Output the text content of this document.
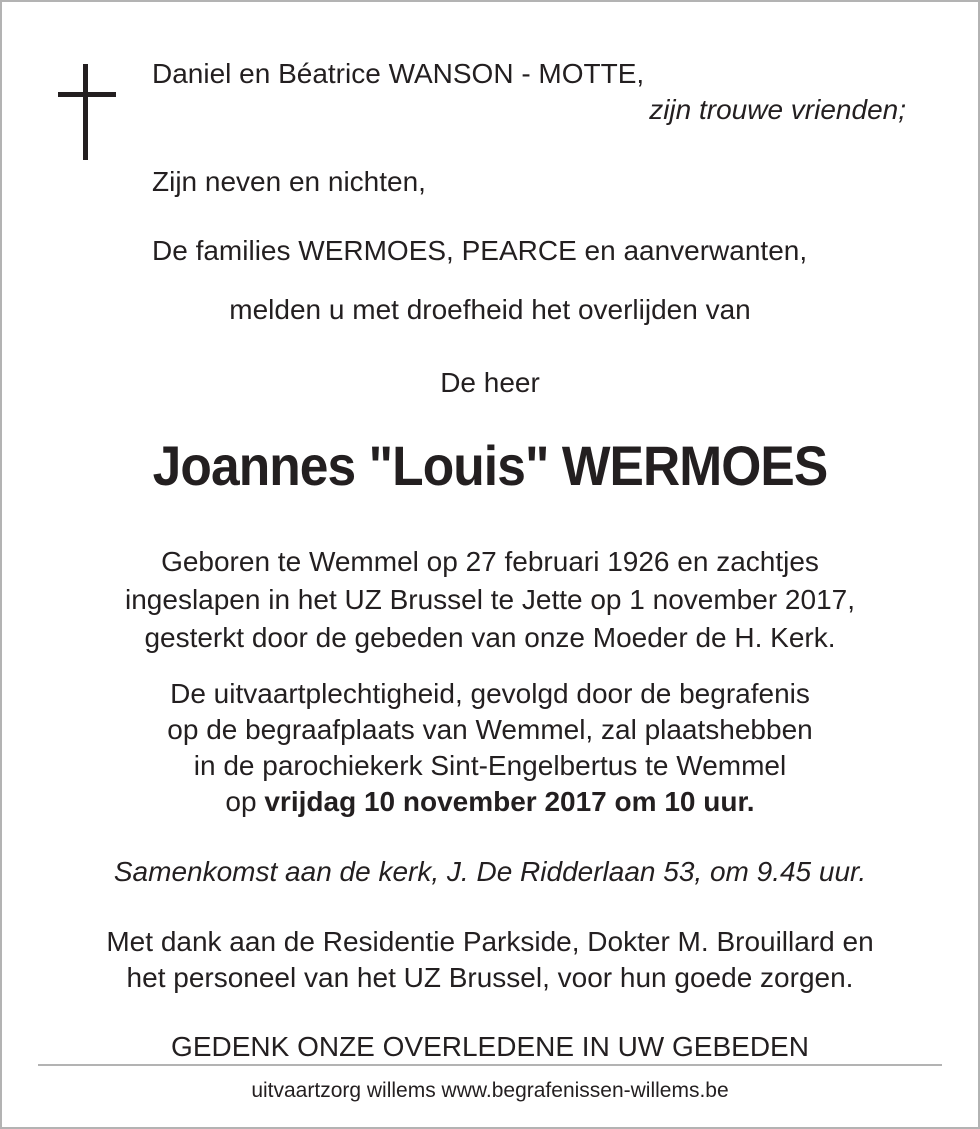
Daniel en Béatrice WANSON - MOTTE,
zijn trouwe vrienden;
Zijn neven en nichten,
De families WERMOES, PEARCE en aanverwanten,
melden u met droefheid het overlijden van
De heer
Joannes "Louis" WERMOES
Geboren te Wemmel op 27 februari 1926 en zachtjes
ingeslapen in het UZ Brussel te Jette op 1 november 2017,
gesterkt door de gebeden van onze Moeder de H. Kerk.
De uitvaartplechtigheid, gevolgd door de begrafenis
op de begraafplaats van Wemmel, zal plaatshebben
in de parochiekerk Sint-Engelbertus te Wemmel
op vrijdag 10 november 2017 om 10 uur.
Samenkomst aan de kerk, J. De Ridderlaan 53, om 9.45 uur.
Met dank aan de Residentie Parkside, Dokter M. Brouillard en
het personeel van het UZ Brussel, voor hun goede zorgen.
GEDENK ONZE OVERLEDENE IN UW GEBEDEN
uitvaartzorg willems www.begrafenissen-willems.be
